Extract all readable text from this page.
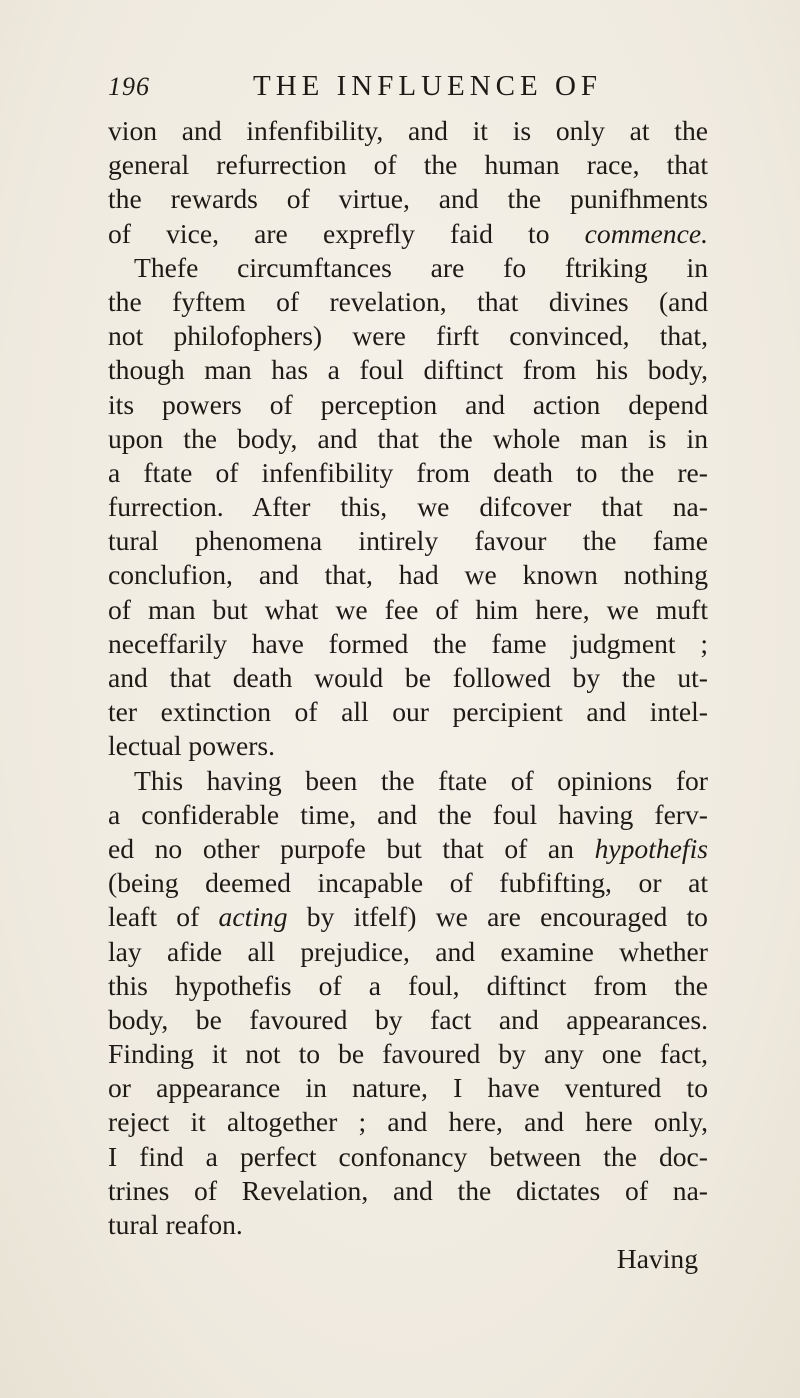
196	THE INFLUENCE OF
vion and infenfibility, and it is only at the
general refurrection of the human race, that
the rewards of virtue, and the punifhments
of vice, are exprefly faid to commence.
Thefe circumftances are fo ftriking in
the fyftem of revelation, that divines (and
not philofophers) were firft convinced, that,
though man has a foul diftinct from his body,
its powers of perception and action depend
upon the body, and that the whole man is in
a ftate of infenfibility from death to the re-
furrection. After this, we difcover that na-
tural phenomena intirely favour the fame
conclufion, and that, had we known nothing
of man but what we fee of him here, we muft
neceffarily have formed the fame judgment ;
and that death would be followed by the ut-
ter extinction of all our percipient and intel-
lectual powers.
This having been the ftate of opinions for
a confiderable time, and the foul having ferv-
ed no other purpofe but that of an hypothefis
(being deemed incapable of fubfifting, or at
leaft of acting by itfelf) we are encouraged to
lay afide all prejudice, and examine whether
this hypothefis of a foul, diftinct from the
body, be favoured by fact and appearances.
Finding it not to be favoured by any one fact,
or appearance in nature, I have ventured to
reject it altogether ; and here, and here only,
I find a perfect confonancy between the doc-
trines of Revelation, and the dictates of na-
tural reafon.
Having
